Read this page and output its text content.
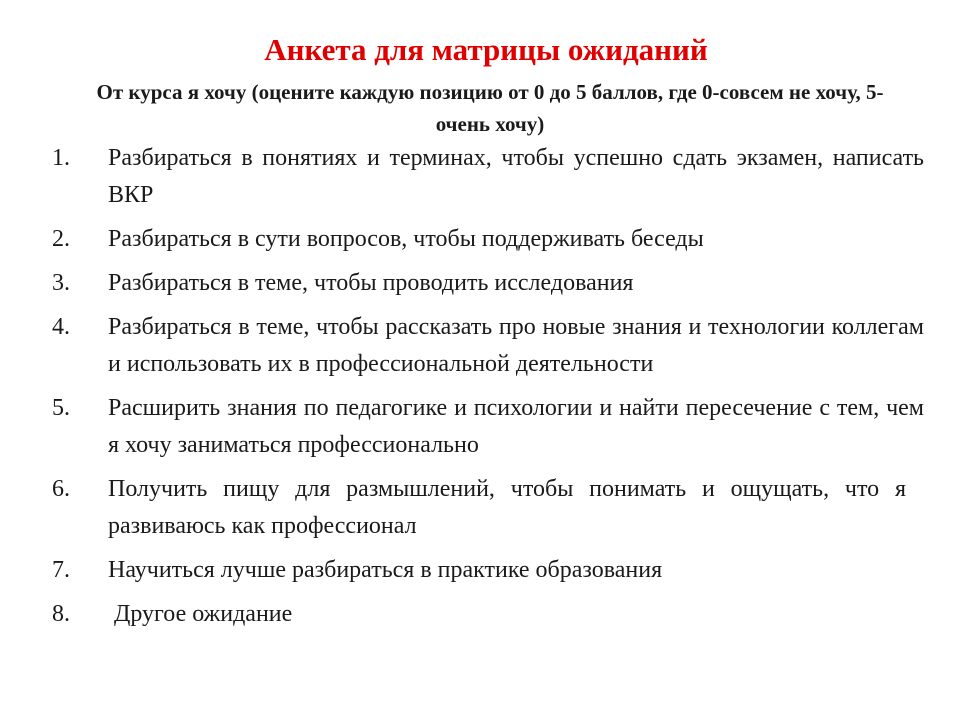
Анкета для матрицы ожиданий
От курса я хочу (оцените каждую позицию от 0 до 5 баллов, где 0-совсем не хочу, 5-очень хочу)
1.	Разбираться в понятиях и терминах, чтобы успешно сдать экзамен, написать ВКР
2.	Разбираться в сути вопросов, чтобы поддерживать беседы
3.	Разбираться в теме, чтобы проводить исследования
4.	Разбираться в теме, чтобы рассказать про новые знания и технологии коллегам и использовать их в профессиональной деятельности
5.	Расширить знания по педагогике и психологии и найти пересечение с тем, чем я хочу заниматься профессионально
6.	Получить пищу для размышлений, чтобы понимать и ощущать, что я развиваюсь как профессионал
7.	Научиться лучше разбираться в практике образования
8.	Другое ожидание
